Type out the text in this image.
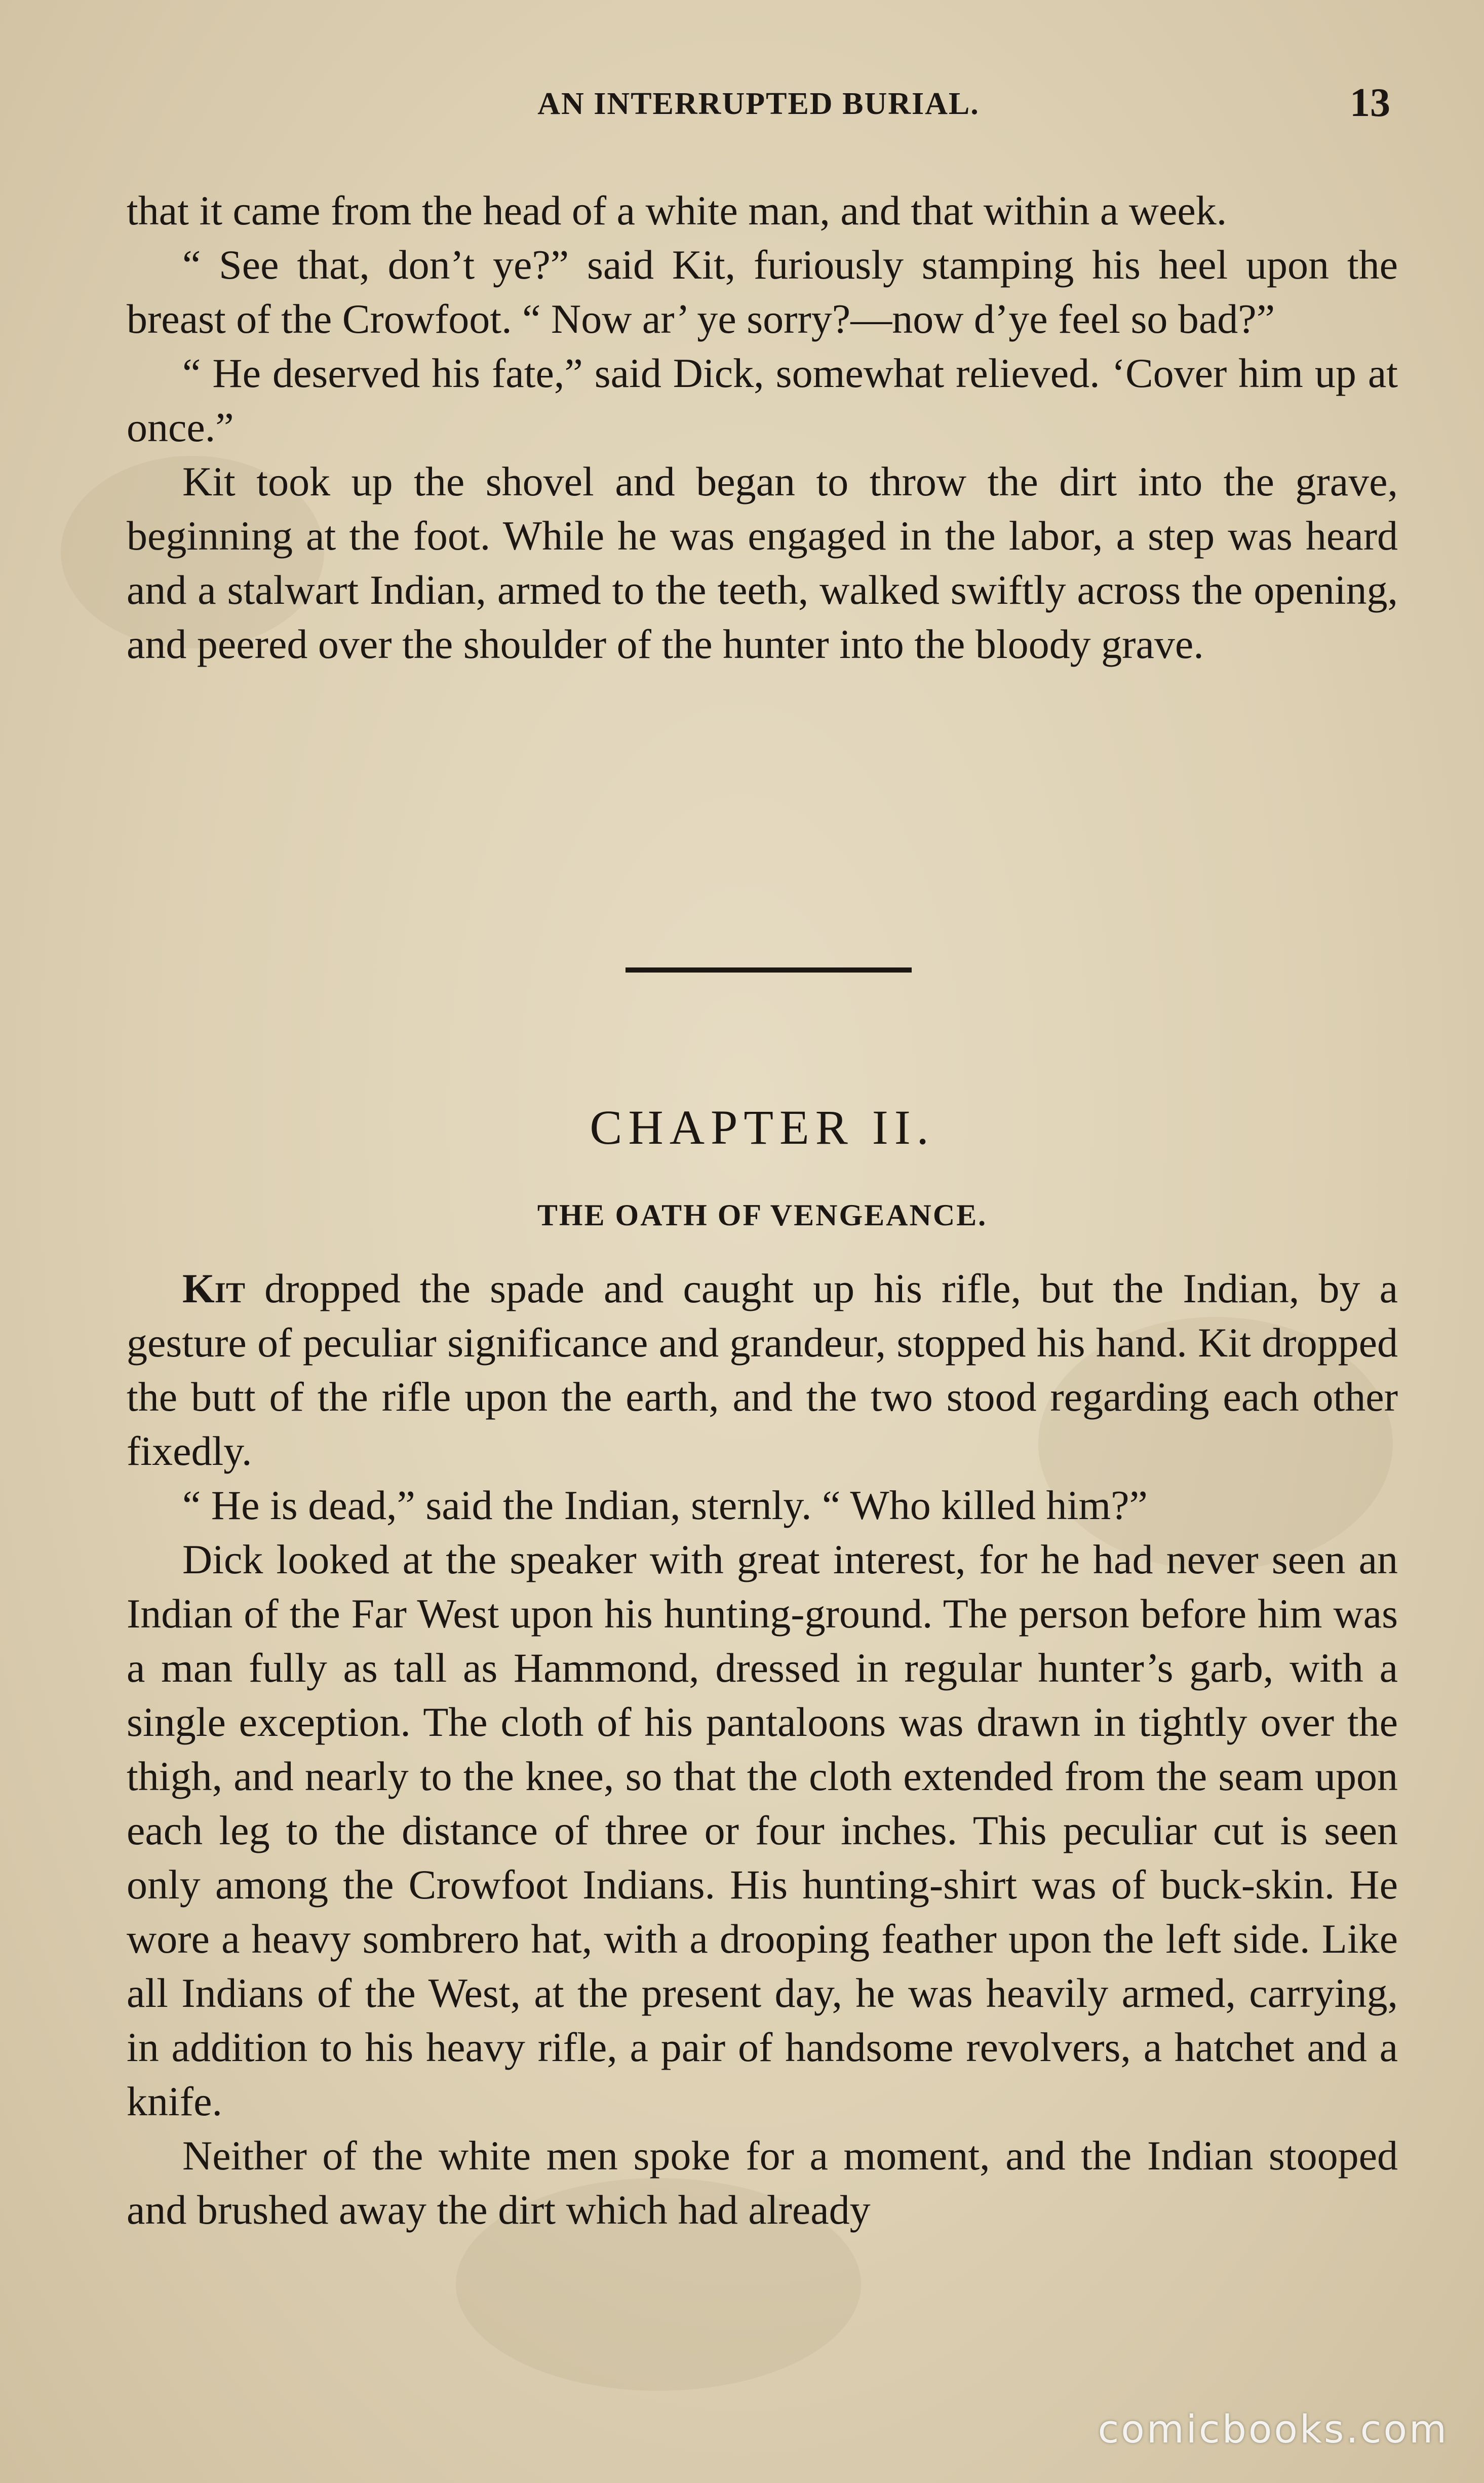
AN INTERRUPTED BURIAL.	13

that it came from the head of a white man, and that within a week.

“ See that, don’t ye?” said Kit, furiously stamping his heel upon the breast of the Crowfoot. “ Now ar’ ye sorry?—now d’ye feel so bad?”

“ He deserved his fate,” said Dick, somewhat relieved. ‘Cover him up at once.”

Kit took up the shovel and began to throw the dirt into the grave, beginning at the foot. While he was engaged in the labor, a step was heard and a stalwart Indian, armed to the teeth, walked swiftly across the opening, and peered over the shoulder of the hunter into the bloody grave.

CHAPTER II.
THE OATH OF VENGEANCE.

Kit dropped the spade and caught up his rifle, but the Indian, by a gesture of peculiar significance and grandeur, stopped his hand. Kit dropped the butt of the rifle upon the earth, and the two stood regarding each other fixedly.

“ He is dead,” said the Indian, sternly. “ Who killed him?”

Dick looked at the speaker with great interest, for he had never seen an Indian of the Far West upon his hunting-ground. The person before him was a man fully as tall as Hammond, dressed in regular hunter’s garb, with a single exception. The cloth of his pantaloons was drawn in tightly over the thigh, and nearly to the knee, so that the cloth extended from the seam upon each leg to the distance of three or four inches. This peculiar cut is seen only among the Crowfoot Indians. His hunting-shirt was of buck-skin. He wore a heavy sombrero hat, with a drooping feather upon the left side. Like all Indians of the West, at the present day, he was heavily armed, carrying, in addition to his heavy rifle, a pair of handsome revolvers, a hatchet and a knife.

Neither of the white men spoke for a moment, and the Indian stooped and brushed away the dirt which had already

comicbooks.com
